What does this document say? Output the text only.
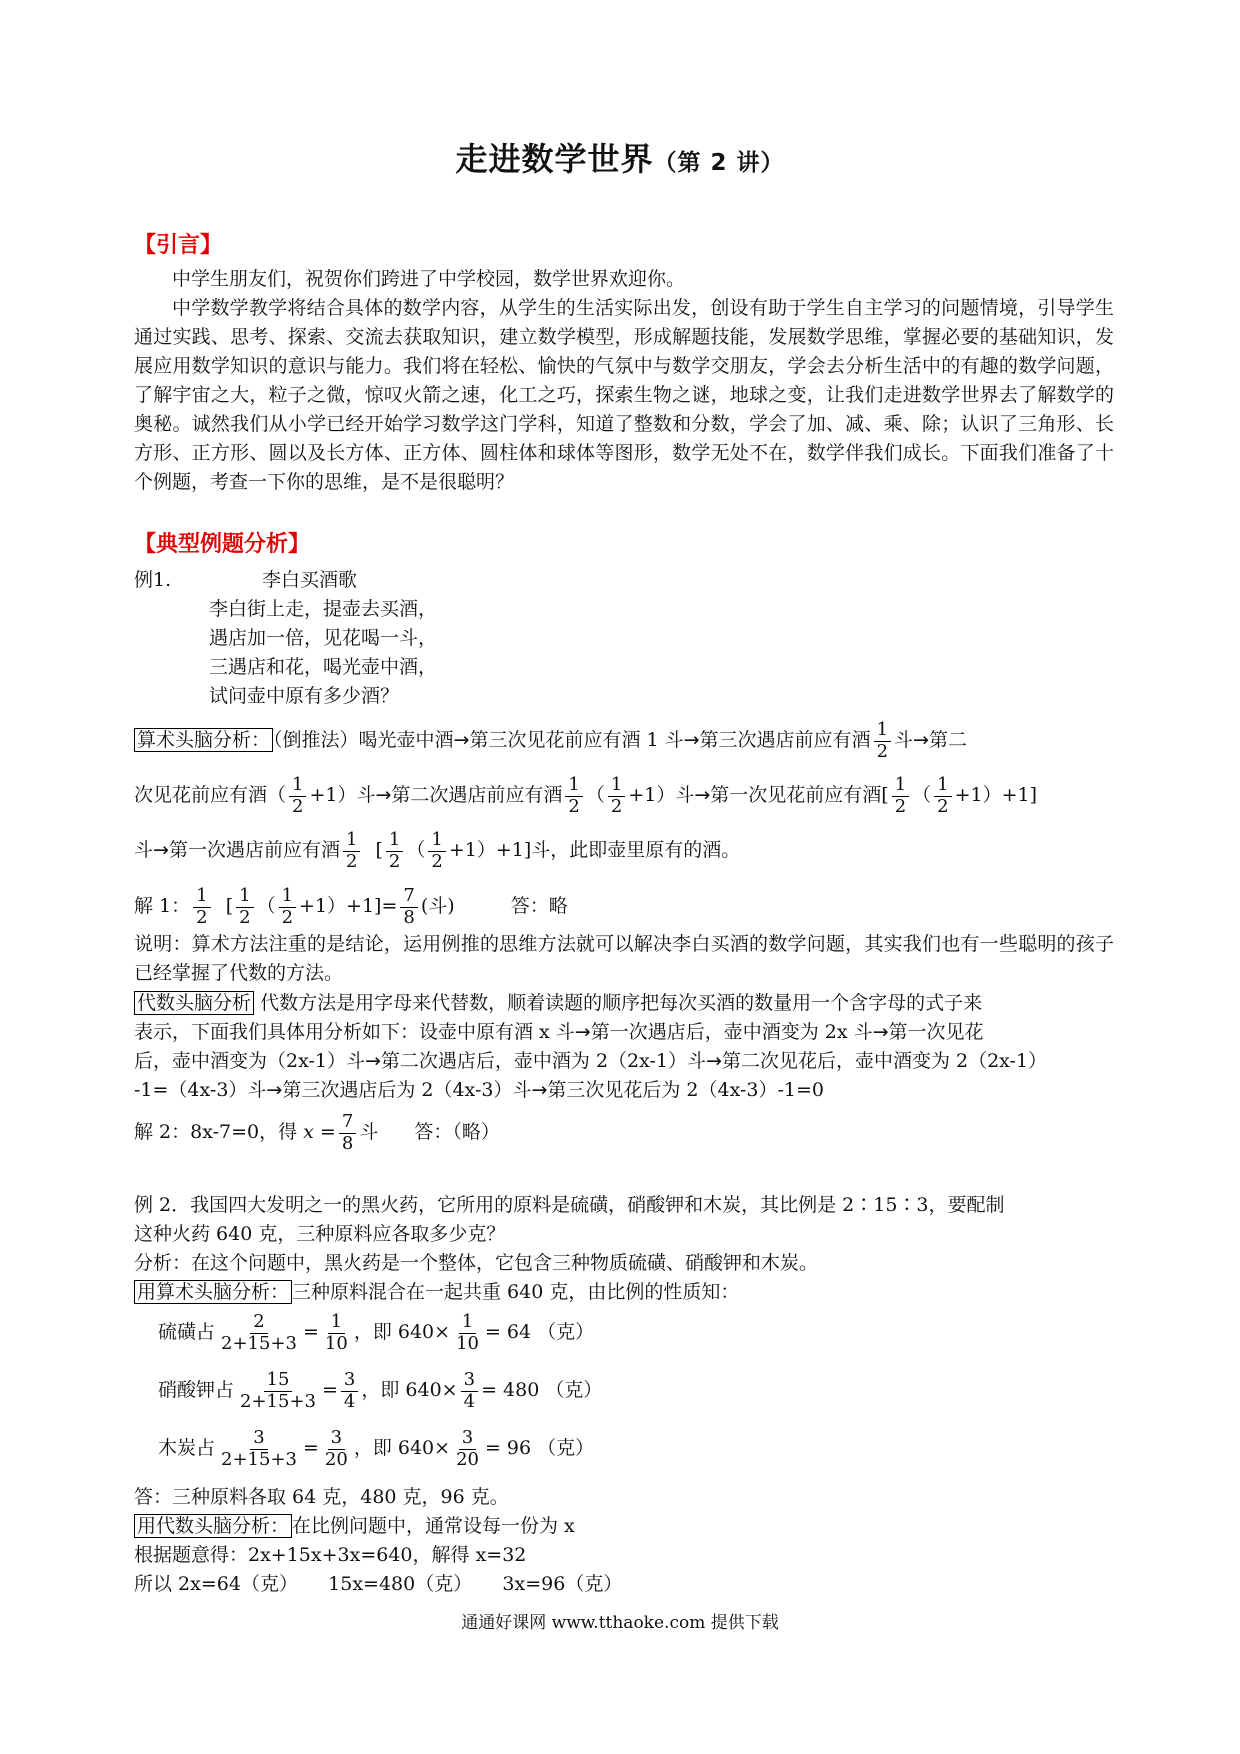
走进数学世界（第 2 讲）
【引言】
中学生朋友们，祝贺你们跨进了中学校园，数学世界欢迎你。
中学数学教学将结合具体的数学内容，从学生的生活实际出发，创设有助于学生自主学习的问题情境，引导学生通过实践、思考、探索、交流去获取知识，建立数学模型，形成解题技能，发展数学思维，掌握必要的基础知识，发展应用数学知识的意识与能力。我们将在轻松、愉快的气氛中与数学交朋友，学会去分析生活中的有趣的数学问题，了解宇宙之大，粒子之微，惊叹火箭之速，化工之巧，探索生物之谜，地球之变，让我们走进数学世界去了解数学的奥秘。诚然我们从小学已经开始学习数学这门学科，知道了整数和分数，学会了加、减、乘、除；认识了三角形、长方形、正方形、圆以及长方体、正方体、圆柱体和球体等图形，数学无处不在，数学伴我们成长。下面我们准备了十个例题，考查一下你的思维，是不是很聪明？
【典型例题分析】
例1.	李白买酒歌
李白街上走，提壶去买酒，
遇店加一倍，见花喝一斗，
三遇店和花，喝光壶中酒，
试问壶中原有多少酒？
算术头脑分析： （倒推法）喝光壶中酒→第三次见花前应有酒 1 斗→第三次遇店前应有酒 $\frac{1}{2}$ 斗→第二
次见花前应有酒（ $\frac{1}{2} +1$）斗→第二次遇店前应有酒 $\frac{1}{2}$ （ $\frac{1}{2} +1$）斗→第一次见花前应有酒[ $\frac{1}{2}$ （ $\frac{1}{2} +1)+1$]
斗→第一次遇店前应有酒 $\frac{1}{2}$ [ $\frac{1}{2}$ （ $\frac{1}{2} +1)+1$]斗，此即壶里原有的酒。
解 1： $\frac{1}{2}$ [ $\frac{1}{2}$ （ $\frac{1}{2} +1)+1]= \frac{7}{8}$ (斗)	答：略
说明：算术方法注重的是结论，运用例推的思维方法就可以解决李白买酒的数学问题，其实我们也有一些聪明的孩子已经掌握了代数的方法。
代数头脑分析 代数方法是用字母来代替数，顺着读题的顺序把每次买酒的数量用一个含字母的式子来
表示，下面我们具体用分析如下：设壶中原有酒 x 斗→第一次遇店后，壶中酒变为 2x 斗→第一次见花
后，壶中酒变为（2x-1）斗→第二次遇店后，壶中酒为 2（2x-1）斗→第二次见花后，壶中酒变为 2（2x-1）
-1=（4x-3）斗→第三次遇店后为 2（4x-3）斗→第三次见花后为 2（4x-3）-1=0
解 2：8x-7=0，得 $x = \frac{7}{8}$ 斗 答：（略）
例 2．我国四大发明之一的黑火药，它所用的原料是硫磺，硝酸钾和木炭，其比例是 2∶15∶3，要配制
这种火药 640 克，三种原料应各取多少克？
分析：在这个问题中，黑火药是一个整体，它包含三种物质硫磺、硝酸钾和木炭。
用算术头脑分析： 三种原料混合在一起共重 640 克，由比例的性质知：
硫磺占 $\frac{2}{2+15+3} = \frac{1}{10}$ ，即 $640\times \frac{1}{10} = 64$ （克）
硝酸钾占 $\frac{15}{2+15+3} = \frac{3}{4}$ ，即 $640\times \frac{3}{4} = 480$ （克）
木炭占 $\frac{3}{2+15+3} = \frac{3}{20}$ ，即 $640\times \frac{3}{20} = 96$ （克）
答：三种原料各取 64 克，480 克，96 克。
用代数头脑分析： 在比例问题中，通常设每一份为 x
根据题意得：2x+15x+3x=640，解得 x=32
所以 2x=64（克）     15x=480（克）     3x=96（克）
通通好课网 www.tthaoke.com 提供下载
